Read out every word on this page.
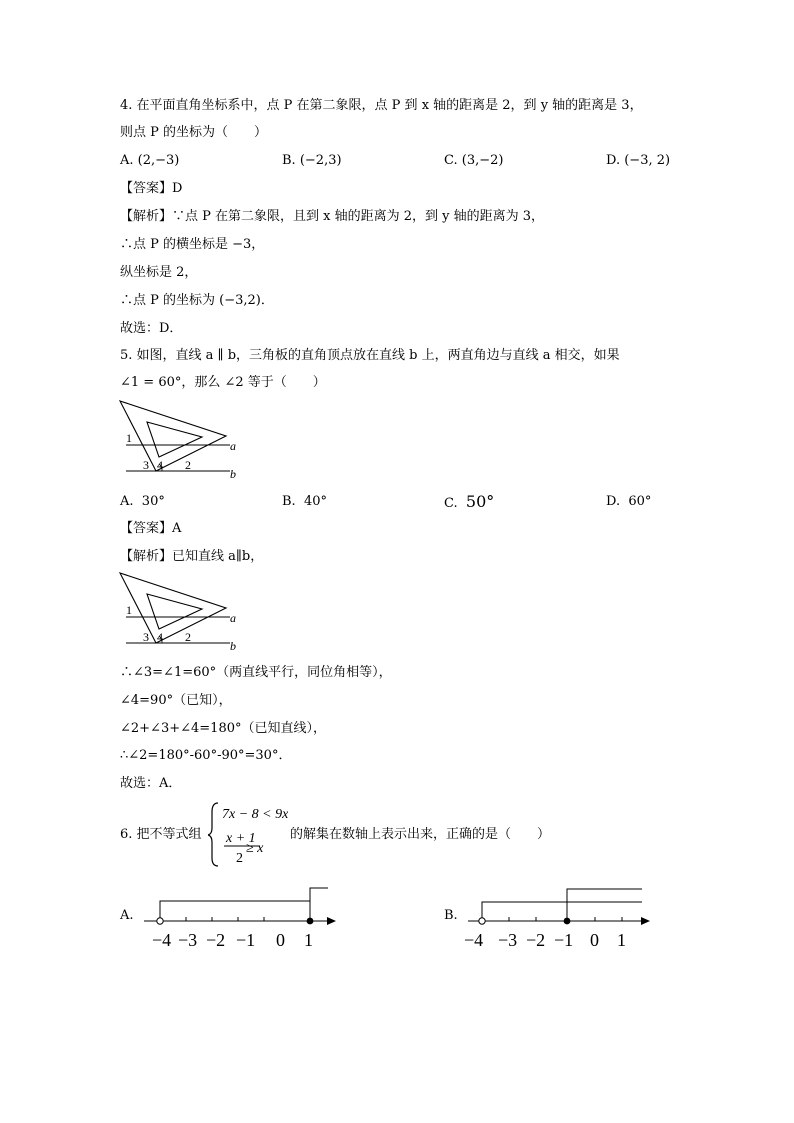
4. 在平面直角坐标系中，点 P 在第二象限，点 P 到 x 轴的距离是 2，到 y 轴的距离是 3，
则点 P 的坐标为（　　）
A. (2,−3)	B. (−2,3)	C. (3,−2)	D. (−3, 2)
【答案】D
【解析】∵点 P 在第二象限，且到 x 轴的距离为 2，到 y 轴的距离为 3，
∴点 P 的横坐标是 −3，
纵坐标是 2，
∴点 P 的坐标为 (−3,2)．
故选：D．
5. 如图，直线 a ∥ b，三角板的直角顶点放在直线 b 上，两直角边与直线 a 相交，如果
∠1 = 60°，那么 ∠2 等于（　　）
a
b
1
2
3 4
A. 30°	B. 40°	C. 50°	D. 60°
【答案】A
【解析】已知直线 a∥b，
a
b
1
2
3 4
∴∠3=∠1=60°（两直线平行，同位角相等），
∠4=90°（已知），
∠2+∠3+∠4=180°（已知直线），
∴∠2=180°-60°-90°=30°．
故选：A．
6. 把不等式组
7x − 8 < 9x
x + 1
2
≥ x
的解集在数轴上表示出来，正确的是（　　）
A.
−4 −3 −2 −1 0 1
B.
−4 −3 −2 −1 0 1
